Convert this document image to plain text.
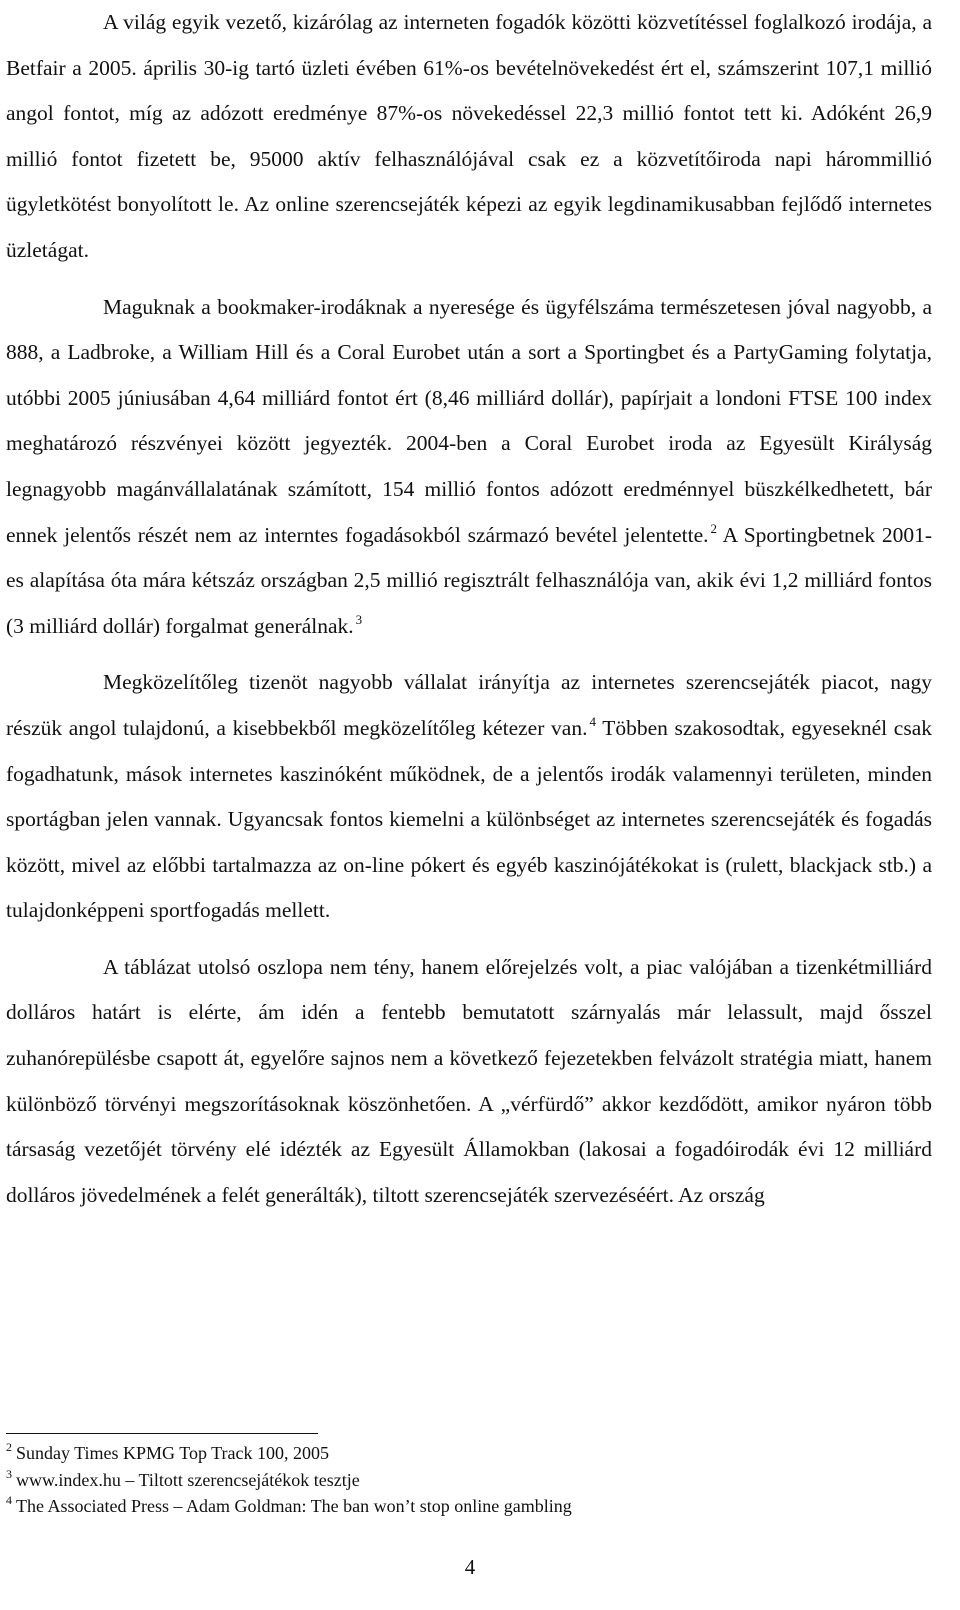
A világ egyik vezető, kizárólag az interneten fogadók közötti közvetítéssel foglalkozó irodája, a Betfair a 2005. április 30-ig tartó üzleti évében 61%-os bevételnövekedést ért el, számszerint 107,1 millió angol fontot, míg az adózott eredménye 87%-os növekedéssel 22,3 millió fontot tett ki. Adóként 26,9 millió fontot fizetett be, 95000 aktív felhasználójával csak ez a közvetítőiroda napi hárommillió ügyletkötést bonyolított le. Az online szerencsejáték képezi az egyik legdinamikusabban fejlődő internetes üzletágat.

Maguknak a bookmaker-irodáknak a nyeresége és ügyfélszáma természetesen jóval nagyobb, a 888, a Ladbroke, a William Hill és a Coral Eurobet után a sort a Sportingbet és a PartyGaming folytatja, utóbbi 2005 júniusában 4,64 milliárd fontot ért (8,46 milliárd dollár), papírjait a londoni FTSE 100 index meghatározó részvényei között jegyezték. 2004-ben a Coral Eurobet iroda az Egyesült Királyság legnagyobb magánvállalatának számított, 154 millió fontos adózott eredménnyel büszkélkedhetett, bár ennek jelentős részét nem az interntes fogadásokból származó bevétel jelentette. $^2$ A Sportingbetnek 2001-es alapítása óta mára kétszáz országban 2,5 millió regisztrált felhasználója van, akik évi 1,2 milliárd fontos (3 milliárd dollár) forgalmat generálnak. $^3$

Megközelítőleg tizenöt nagyobb vállalat irányítja az internetes szerencsejáték piacot, nagy részük angol tulajdonú, a kisebbekből megközelítőleg kétezer van. $^4$ Többen szakosodtak, egyeseknél csak fogadhatunk, mások internetes kaszinóként működnek, de a jelentős irodák valamennyi területen, minden sportágban jelen vannak. Ugyancsak fontos kiemelni a különbséget az internetes szerencsejáték és fogadás között, mivel az előbbi tartalmazza az on-line pókert és egyéb kaszinójátékokat is (rulett, blackjack stb.) a tulajdonképpeni sportfogadás mellett.

A táblázat utolsó oszlopa nem tény, hanem előrejelzés volt, a piac valójában a tizenkétmilliárd dolláros határt is elérte, ám idén a fentebb bemutatott szárnyalás már lelassult, majd ősszel zuhanórepülésbe csapott át, egyelőre sajnos nem a következő fejezetekben felvázolt stratégia miatt, hanem különböző törvényi megszorításoknak köszönhetően. A „vérfürdő” akkor kezdődött, amikor nyáron több társaság vezetőjét törvény elé idézték az Egyesült Államokban (lakosai a fogadóirodák évi 12 milliárd dolláros jövedelmének a felét generálták), tiltott szerencsejáték szervezéséért. Az ország

$^2$ Sunday Times KPMG Top Track 100, 2005
$^3$ www.index.hu – Tiltott szerencsejátékok tesztje
$^4$ The Associated Press – Adam Goldman: The ban won’t stop online gambling
4
